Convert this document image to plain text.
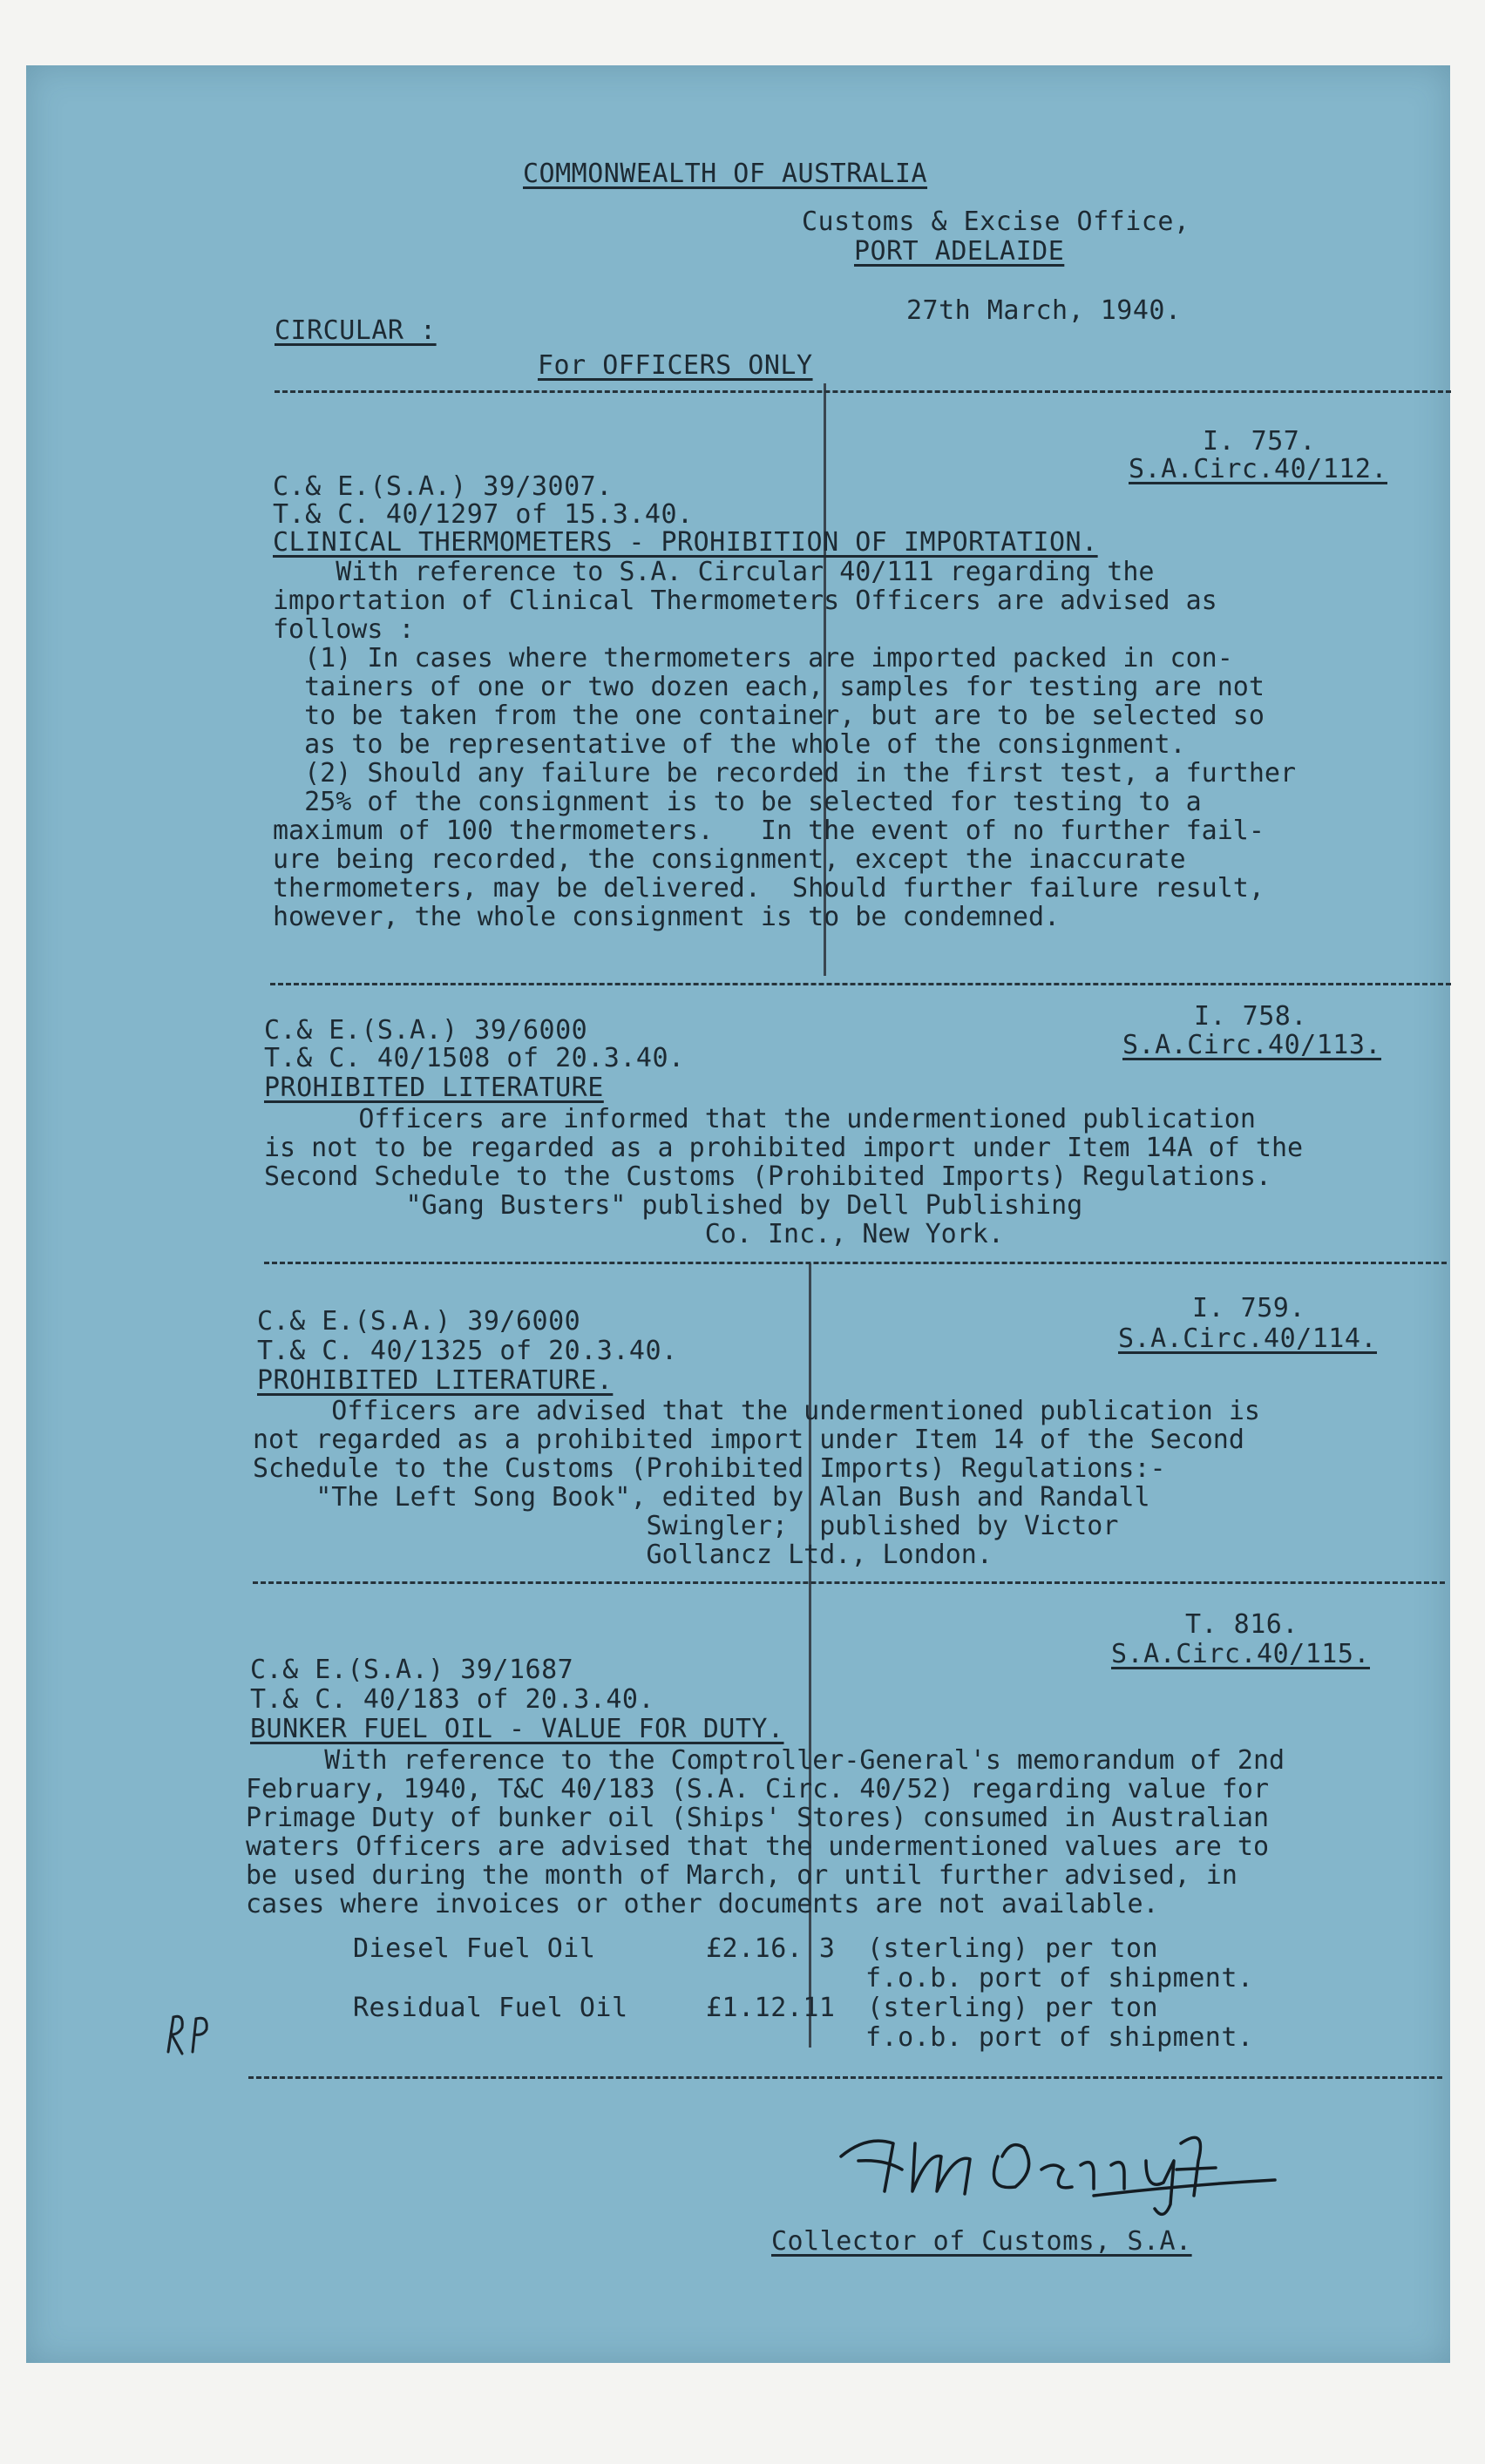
COMMONWEALTH OF AUSTRALIA
Customs & Excise Office,
PORT ADELAIDE
27th March, 1940.
CIRCULAR :
For OFFICERS ONLY
I. 757.
S.A.Circ.40/112.
C.& E.(S.A.) 39/3007.
T.& C. 40/1297 of 15.3.40.
CLINICAL THERMOMETERS - PROHIBITION OF IMPORTATION.
With reference to S.A. Circular 40/111 regarding the
importation of Clinical Thermometers Officers are advised as
follows :
(1) In cases where thermometers are imported packed in con-
tainers of one or two dozen each, samples for testing are not
to be taken from the one container, but are to be selected so
as to be representative of the whole of the consignment.
(2) Should any failure be recorded in the first test, a further
25% of the consignment is to be selected for testing to a
maximum of 100 thermometers.   In the event of no further fail-
ure being recorded, the consignment, except the inaccurate
thermometers, may be delivered.  Should further failure result,
however, the whole consignment is to be condemned.
I. 758.
S.A.Circ.40/113.
C.& E.(S.A.) 39/6000
T.& C. 40/1508 of 20.3.40.
PROHIBITED LITERATURE
Officers are informed that the undermentioned publication
is not to be regarded as a prohibited import under Item 14A of the
Second Schedule to the Customs (Prohibited Imports) Regulations.
"Gang Busters" published by Dell Publishing
Co. Inc., New York.
I. 759.
S.A.Circ.40/114.
C.& E.(S.A.) 39/6000
T.& C. 40/1325 of 20.3.40.
PROHIBITED LITERATURE.
Officers are advised that the undermentioned publication is
not regarded as a prohibited import under Item 14 of the Second
Schedule to the Customs (Prohibited Imports) Regulations:-
"The Left Song Book", edited by Alan Bush and Randall
Swingler;  published by Victor
Gollancz Ltd., London.
T. 816.
S.A.Circ.40/115.
C.& E.(S.A.) 39/1687
T.& C. 40/183 of 20.3.40.
BUNKER FUEL OIL - VALUE FOR DUTY.
With reference to the Comptroller-General's memorandum of 2nd
February, 1940, T&C 40/183 (S.A. Circ. 40/52) regarding value for
Primage Duty of bunker oil (Ships' Stores) consumed in Australian
waters Officers are advised that the undermentioned values are to
be used during the month of March, or until further advised, in
cases where invoices or other documents are not available.
Diesel Fuel Oil	£2.16. 3 (sterling) per ton
f.o.b. port of shipment.
Residual Fuel Oil	£1.12.11 (sterling) per ton
f.o.b. port of shipment.
Collector of Customs, S.A.
